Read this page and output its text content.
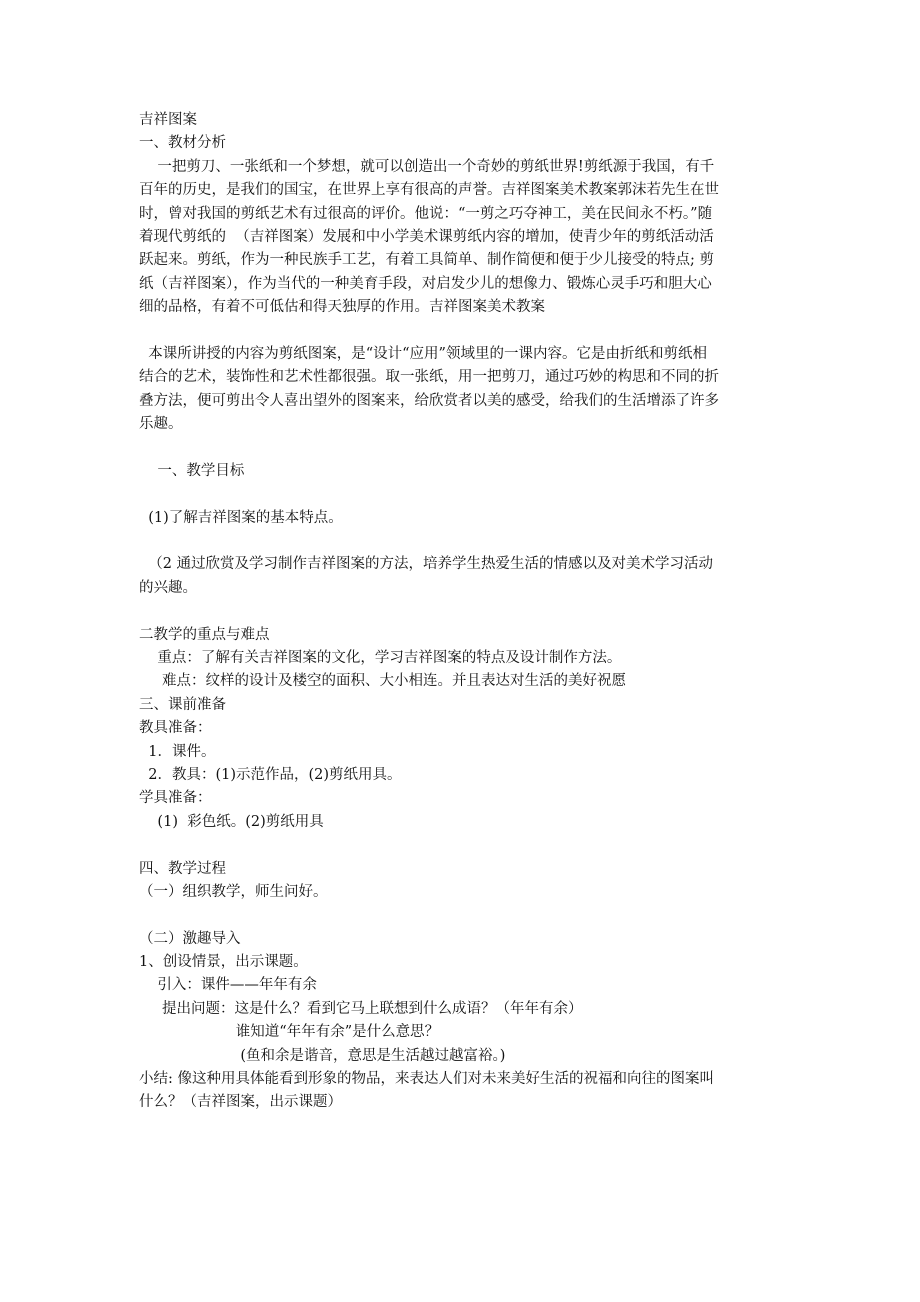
吉祥图案
一、教材分析
一把剪刀、一张纸和一个梦想，就可以创造出一个奇妙的剪纸世界!剪纸源于我国，有千
百年的历史，是我们的国宝，在世界上享有很高的声誉。吉祥图案美术教案郭沫若先生在世
时，曾对我国的剪纸艺术有过很高的评价。他说：“一剪之巧夺神工，美在民间永不朽。”随
着现代剪纸的  （吉祥图案）发展和中小学美术课剪纸内容的增加，使青少年的剪纸活动活
跃起来。剪纸，作为一种民族手工艺，有着工具简单、制作简便和便于少儿接受的特点; 剪
纸（吉祥图案），作为当代的一种美育手段，对启发少儿的想像力、锻炼心灵手巧和胆大心
细的品格，有着不可低估和得天独厚的作用。吉祥图案美术教案
本课所讲授的内容为剪纸图案，是“设计“应用”领域里的一课内容。它是由折纸和剪纸相
结合的艺术，装饰性和艺术性都很强。取一张纸，用一把剪刀，通过巧妙的构思和不同的折
叠方法，便可剪出令人喜出望外的图案来，给欣赏者以美的感受，给我们的生活增添了许多
乐趣。
一、教学目标
(1)了解吉祥图案的基本特点。
（2 通过欣赏及学习制作吉祥图案的方法，培养学生热爱生活的情感以及对美术学习活动
的兴趣。
二教学的重点与难点
重点：了解有关吉祥图案的文化，学习吉祥图案的特点及设计制作方法。
难点：纹样的设计及楼空的面积、大小相连。并且表达对生活的美好祝愿
三、课前准备
教具准备：
1．课件。
2．教具：(1)示范作品，(2)剪纸用具。
学具准备：
(1)  彩色纸。(2)剪纸用具
四、教学过程
（一）组织教学，师生问好。
（二）激趣导入
1、创设情景，出示课题。
引入：课件——年年有余
提出问题：这是什么？看到它马上联想到什么成语？（年年有余）
谁知道“年年有余”是什么意思？
(鱼和余是谐音，意思是生活越过越富裕。)
小结: 像这种用具体能看到形象的物品，来表达人们对未来美好生活的祝福和向往的图案叫
什么？（吉祥图案，出示课题）
